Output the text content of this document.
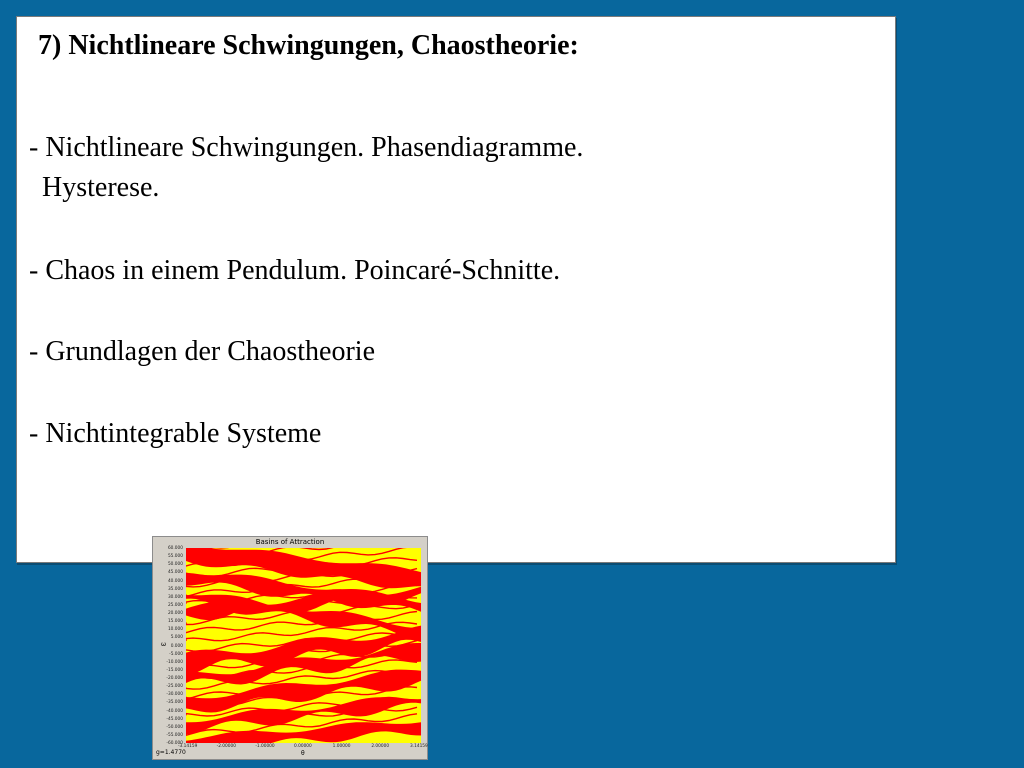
7) Nichtlineare Schwingungen, Chaostheorie:

- Nichtlineare Schwingungen. Phasendiagramme.
Hysterese.

- Chaos in einem Pendulum. Poincaré-Schnitte.

- Grundlagen der Chaostheorie

- Nichtintegrable Systeme

Basins of Attraction
60.000
55.000
50.000
45.000
40.000
35.000
30.000
25.000
20.000
15.000
10.000
5.000
0.000
-5.000
-10.000
-15.000
-20.000
-25.000
-30.000
-35.000
-40.000
-45.000
-50.000
-55.000
-60.000
ω
-3.14159	-2.00000	-1.00000	0.00000	1.00000	2.00000	3.14159
θ
g=1.4770
